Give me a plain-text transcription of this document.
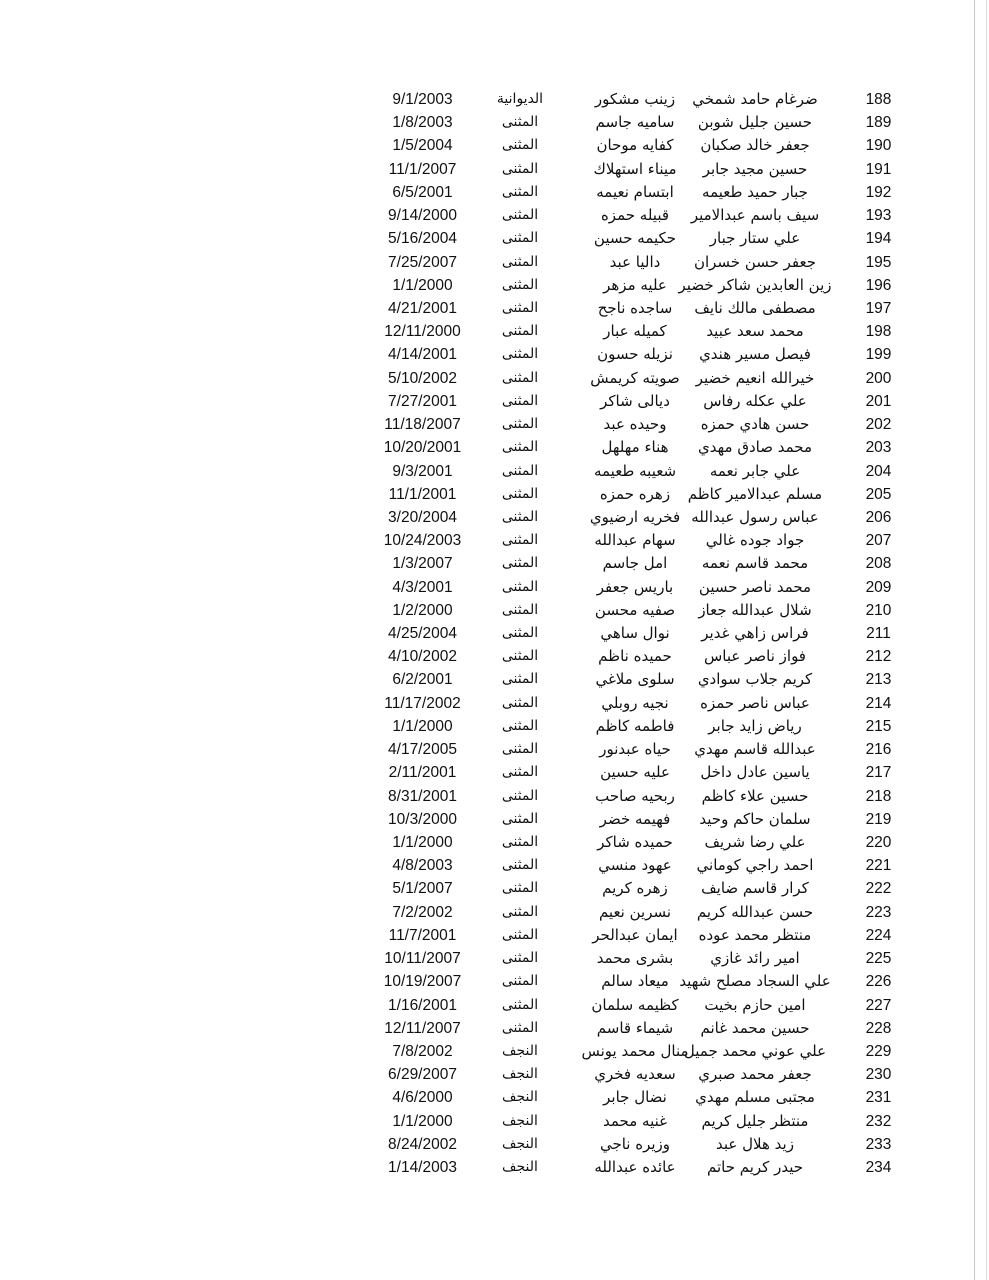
188
ضرغام حامد شمخي
زينب مشكور
الديوانية
9/1/2003
189
حسين جليل شوبن
ساميه جاسم
المثنى
1/8/2003
190
جعفر خالد صكبان
كفايه موحان
المثنى
1/5/2004
191
حسين مجيد جابر
ميناء استهلاك
المثنى
11/1/2007
192
جبار حميد طعيمه
ابتسام نعيمه
المثنى
6/5/2001
193
سيف باسم عبدالامير
قبيله حمزه
المثنى
9/14/2000
194
علي ستار جبار
حكيمه حسين
المثنى
5/16/2004
195
جعفر حسن خسران
داليا عبد
المثنى
7/25/2007
196
زين العابدين شاكر خضير
عليه مزهر
المثنى
1/1/2000
197
مصطفى مالك نايف
ساجده ناجح
المثنى
4/21/2001
198
محمد سعد عبيد
كميله عبار
المثنى
12/11/2000
199
فيصل مسير هندي
نزيله حسون
المثنى
4/14/2001
200
خيرالله انعيم خضير
صويته كريمش
المثنى
5/10/2002
201
علي عكله رفاس
ديالى شاكر
المثنى
7/27/2001
202
حسن هادي حمزه
وحيده عبد
المثنى
11/18/2007
203
محمد صادق مهدي
هناء مهلهل
المثنى
10/20/2001
204
علي جابر نعمه
شعيبه طعيمه
المثنى
9/3/2001
205
مسلم عبدالامير كاظم
زهره حمزه
المثنى
11/1/2001
206
عباس رسول عبدالله
فخريه ارضيوي
المثنى
3/20/2004
207
جواد جوده غالي
سهام عبدالله
المثنى
10/24/2003
208
محمد قاسم نعمه
امل جاسم
المثنى
1/3/2007
209
محمد ناصر حسين
باريس جعفر
المثنى
4/3/2001
210
شلال عبدالله جعاز
صفيه محسن
المثنى
1/2/2000
211
فراس زاهي غدير
نوال ساهي
المثنى
4/25/2004
212
فواز ناصر عباس
حميده ناظم
المثنى
4/10/2002
213
كريم جلاب سوادي
سلوى ملاغي
المثنى
6/2/2001
214
عباس ناصر حمزه
نجيه روبلي
المثنى
11/17/2002
215
رياض زايد جابر
فاطمه كاظم
المثنى
1/1/2000
216
عبدالله قاسم مهدي
حياه عبدنور
المثنى
4/17/2005
217
ياسين عادل داخل
عليه حسين
المثنى
2/11/2001
218
حسين علاء كاظم
ربحيه صاحب
المثنى
8/31/2001
219
سلمان حاكم وحيد
فهيمه خضر
المثنى
10/3/2000
220
علي رضا شريف
حميده شاكر
المثنى
1/1/2000
221
احمد راجي كوماني
عهود منسي
المثنى
4/8/2003
222
كرار قاسم ضايف
زهره كريم
المثنى
5/1/2007
223
حسن عبدالله كريم
نسرين نعيم
المثنى
7/2/2002
224
منتظر محمد عوده
ايمان عبدالحر
المثنى
11/7/2001
225
امير رائد غازي
بشرى محمد
المثنى
10/11/2007
226
علي السجاد مصلح شهيد
ميعاد سالم
المثنى
10/19/2007
227
امين حازم بخيت
كظيمه سلمان
المثنى
1/16/2001
228
حسين محمد غانم
شيماء قاسم
المثنى
12/11/2007
229
علي عوني محمد جميل
منال محمد يونس
النجف
7/8/2002
230
جعفر محمد صبري
سعديه فخري
النجف
6/29/2007
231
مجتبى مسلم مهدي
نضال جابر
النجف
4/6/2000
232
منتظر جليل كريم
غنيه محمد
النجف
1/1/2000
233
زيد هلال عبد
وزيره ناجي
النجف
8/24/2002
234
حيدر كريم حاتم
عائده عبدالله
النجف
1/14/2003
